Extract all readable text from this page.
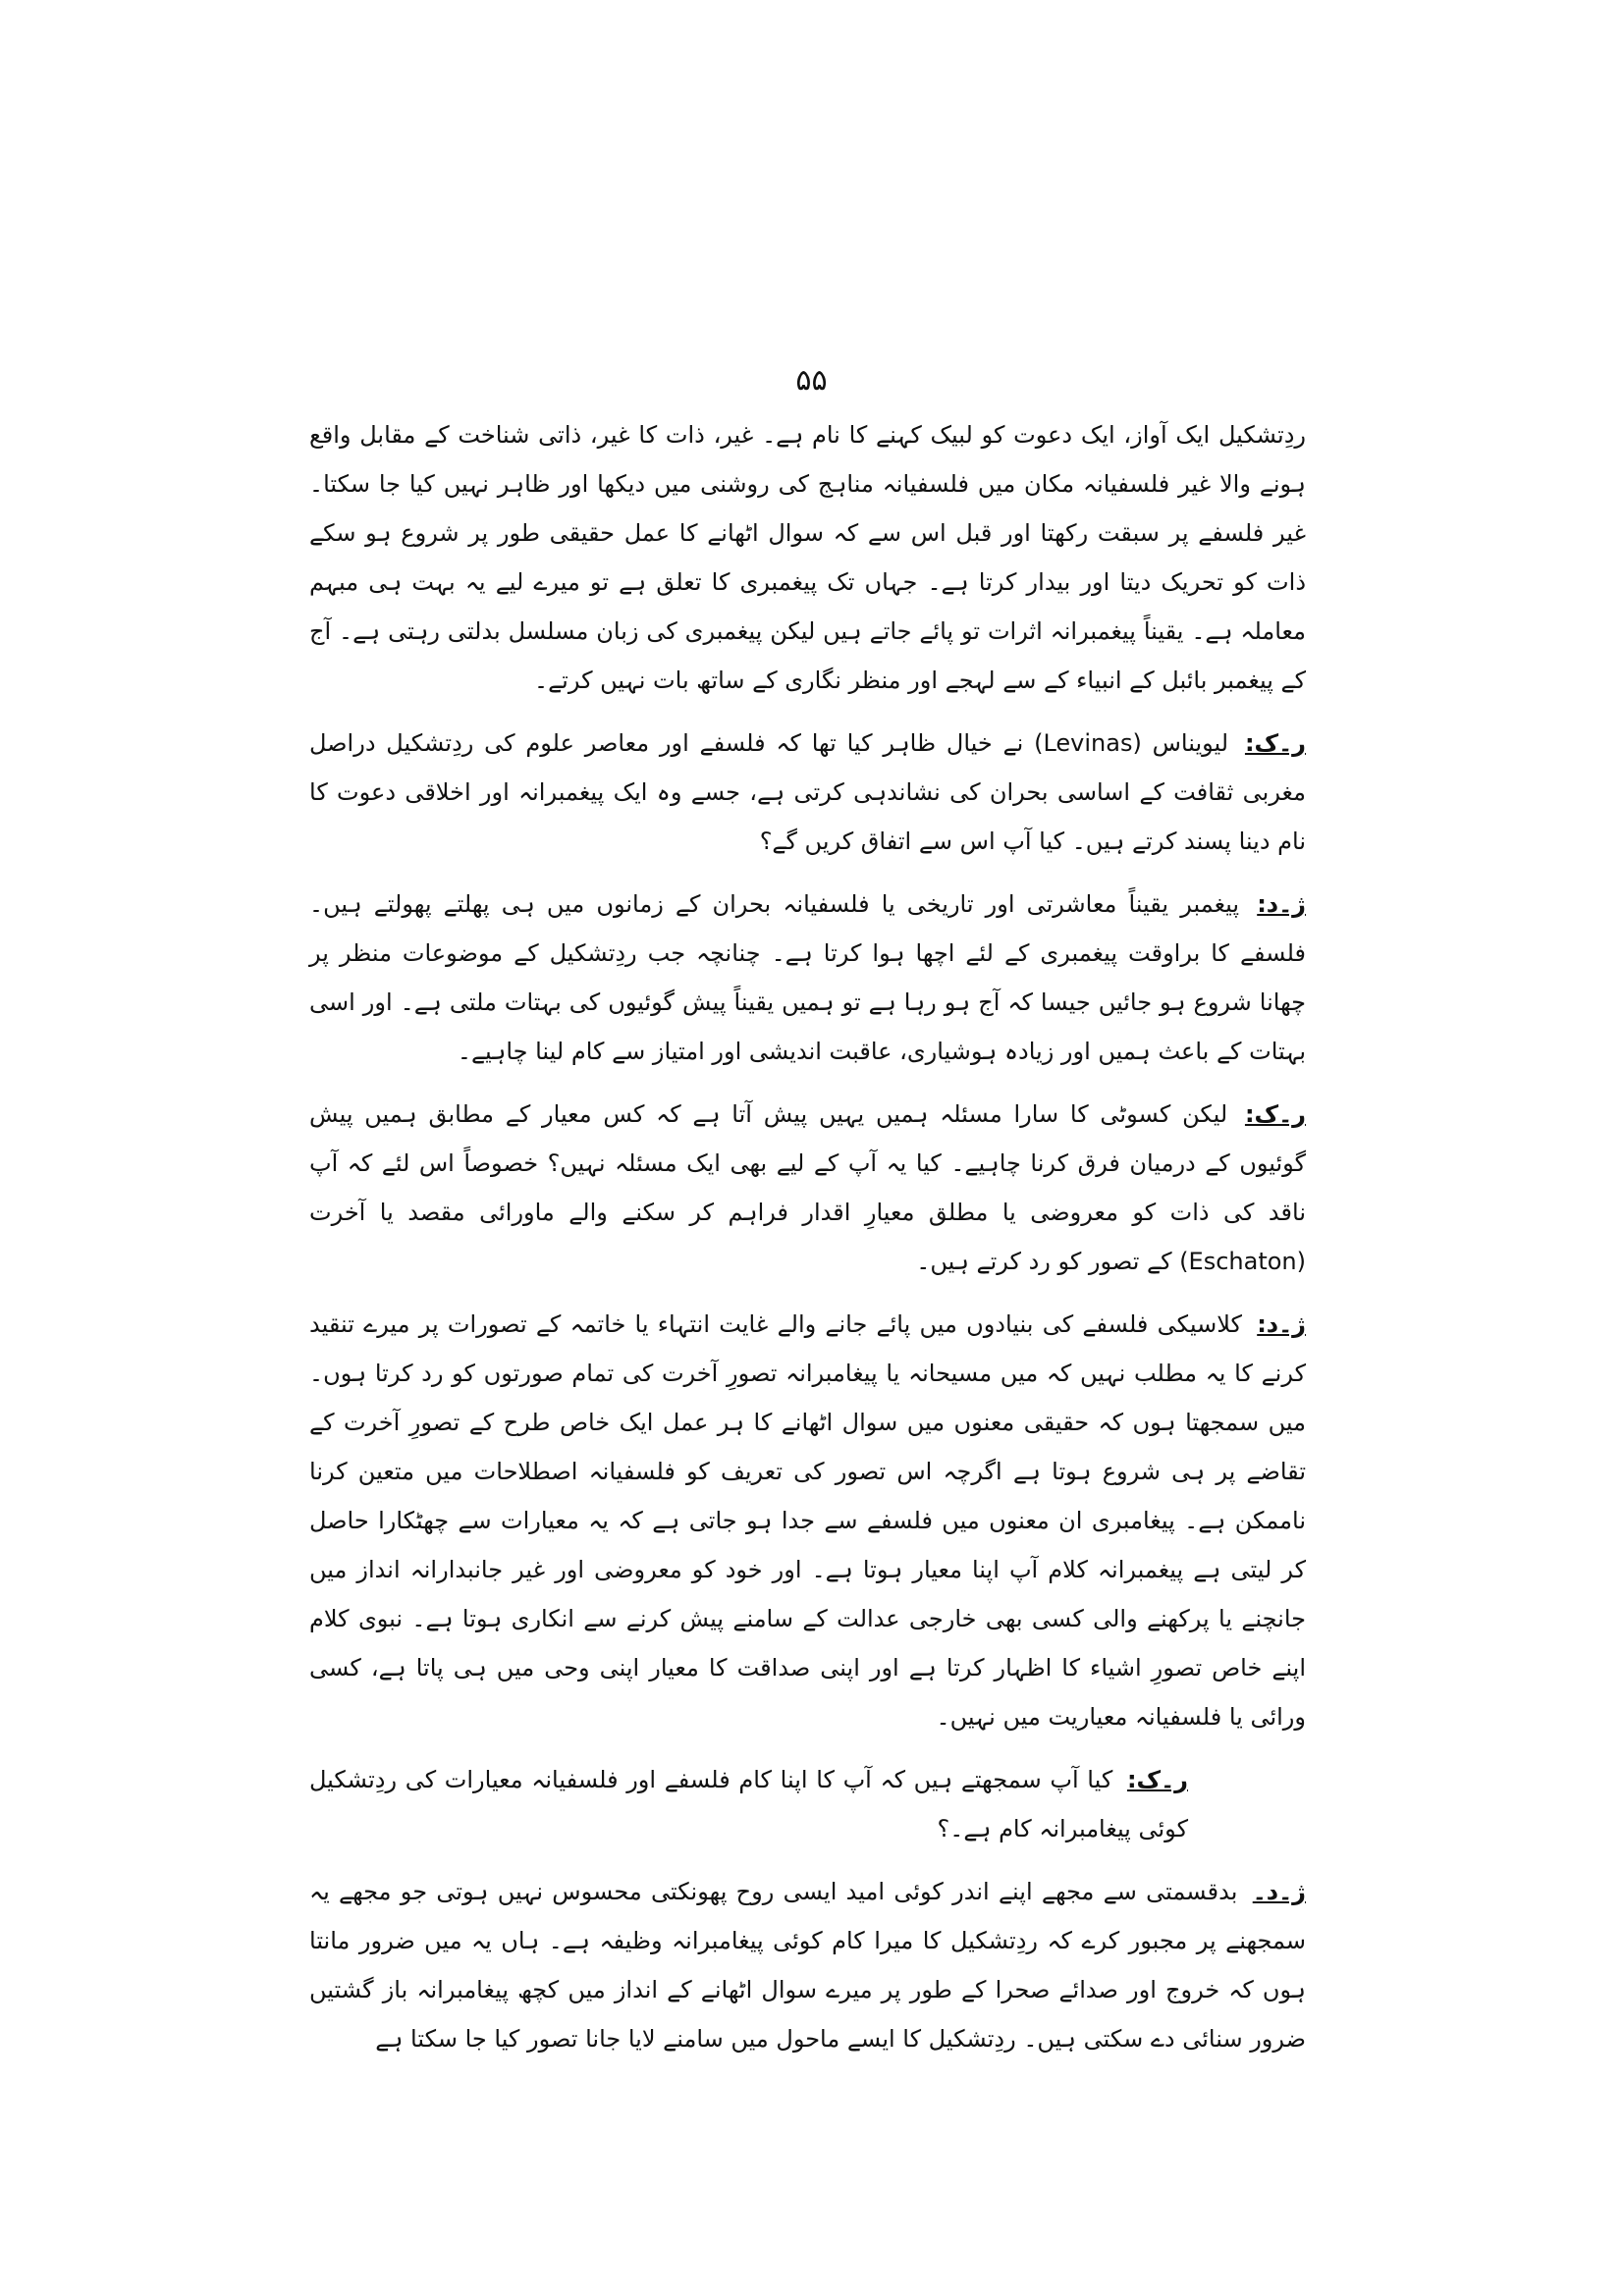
۵۵

ردِتشکیل ایک آواز، ایک دعوت کو لبیک کہنے کا نام ہے۔ غیر، ذات کا غیر، ذاتی شناخت کے مقابل واقع ہونے والا غیر فلسفیانہ مکان میں فلسفیانہ مناہج کی روشنی میں دیکھا اور ظاہر نہیں کیا جا سکتا۔ غیر فلسفے پر سبقت رکھتا اور قبل اس سے کہ سوال اٹھانے کا عمل حقیقی طور پر شروع ہو سکے ذات کو تحریک دیتا اور بیدار کرتا ہے۔ جہاں تک پیغمبری کا تعلق ہے تو میرے لیے یہ بہت ہی مبہم معاملہ ہے۔ یقیناً پیغمبرانہ اثرات تو پائے جاتے ہیں لیکن پیغمبری کی زبان مسلسل بدلتی رہتی ہے۔ آج کے پیغمبر بائبل کے انبیاء کے سے لہجے اور منظر نگاری کے ساتھ بات نہیں کرتے۔

ر۔ک: لیویناس (Levinas) نے خیال ظاہر کیا تھا کہ فلسفے اور معاصر علوم کی ردِتشکیل دراصل مغربی ثقافت کے اساسی بحران کی نشاندہی کرتی ہے، جسے وہ ایک پیغمبرانہ اور اخلاقی دعوت کا نام دینا پسند کرتے ہیں۔ کیا آپ اس سے اتفاق کریں گے؟

ژ۔د: پیغمبر یقیناً معاشرتی اور تاریخی یا فلسفیانہ بحران کے زمانوں میں ہی پھلتے پھولتے ہیں۔ فلسفے کا براوقت پیغمبری کے لئے اچھا ہوا کرتا ہے۔ چنانچہ جب ردِتشکیل کے موضوعات منظر پر چھانا شروع ہو جائیں جیسا کہ آج ہو رہا ہے تو ہمیں یقیناً پیش گوئیوں کی بہتات ملتی ہے۔ اور اسی بہتات کے باعث ہمیں اور زیادہ ہوشیاری، عاقبت اندیشی اور امتیاز سے کام لینا چاہیے۔

ر۔ک: لیکن کسوٹی کا سارا مسئلہ ہمیں یہیں پیش آتا ہے کہ کس معیار کے مطابق ہمیں پیش گوئیوں کے درمیان فرق کرنا چاہیے۔ کیا یہ آپ کے لیے بھی ایک مسئلہ نہیں؟ خصوصاً اس لئے کہ آپ ناقد کی ذات کو معروضی یا مطلق معیارِ اقدار فراہم کر سکنے والے ماورائی مقصد یا آخرت (Eschaton) کے تصور کو رد کرتے ہیں۔

ژ۔د: کلاسیکی فلسفے کی بنیادوں میں پائے جانے والے غایت انتہاء یا خاتمہ کے تصورات پر میرے تنقید کرنے کا یہ مطلب نہیں کہ میں مسیحانہ یا پیغامبرانہ تصورِ آخرت کی تمام صورتوں کو رد کرتا ہوں۔ میں سمجھتا ہوں کہ حقیقی معنوں میں سوال اٹھانے کا ہر عمل ایک خاص طرح کے تصورِ آخرت کے تقاضے پر ہی شروع ہوتا ہے اگرچہ اس تصور کی تعریف کو فلسفیانہ اصطلاحات میں متعین کرنا ناممکن ہے۔ پیغامبری ان معنوں میں فلسفے سے جدا ہو جاتی ہے کہ یہ معیارات سے چھٹکارا حاصل کر لیتی ہے پیغمبرانہ کلام آپ اپنا معیار ہوتا ہے۔ اور خود کو معروضی اور غیر جانبدارانہ انداز میں جانچنے یا پرکھنے والی کسی بھی خارجی عدالت کے سامنے پیش کرنے سے انکاری ہوتا ہے۔ نبوی کلام اپنے خاص تصورِ اشیاء کا اظہار کرتا ہے اور اپنی صداقت کا معیار اپنی وحی میں ہی پاتا ہے، کسی ورائی یا فلسفیانہ معیاریت میں نہیں۔

ر۔ک: کیا آپ سمجھتے ہیں کہ آپ کا اپنا کام فلسفے اور فلسفیانہ معیارات کی ردِتشکیل کوئی پیغامبرانہ کام ہے۔؟

ژ۔د۔ بدقسمتی سے مجھے اپنے اندر کوئی امید ایسی روح پھونکتی محسوس نہیں ہوتی جو مجھے یہ سمجھنے پر مجبور کرے کہ ردِتشکیل کا میرا کام کوئی پیغامبرانہ وظیفہ ہے۔ ہاں یہ میں ضرور مانتا ہوں کہ خروج اور صدائے صحرا کے طور پر میرے سوال اٹھانے کے انداز میں کچھ پیغامبرانہ باز گشتیں ضرور سنائی دے سکتی ہیں۔ ردِتشکیل کا ایسے ماحول میں سامنے لایا جانا تصور کیا جا سکتا ہے
